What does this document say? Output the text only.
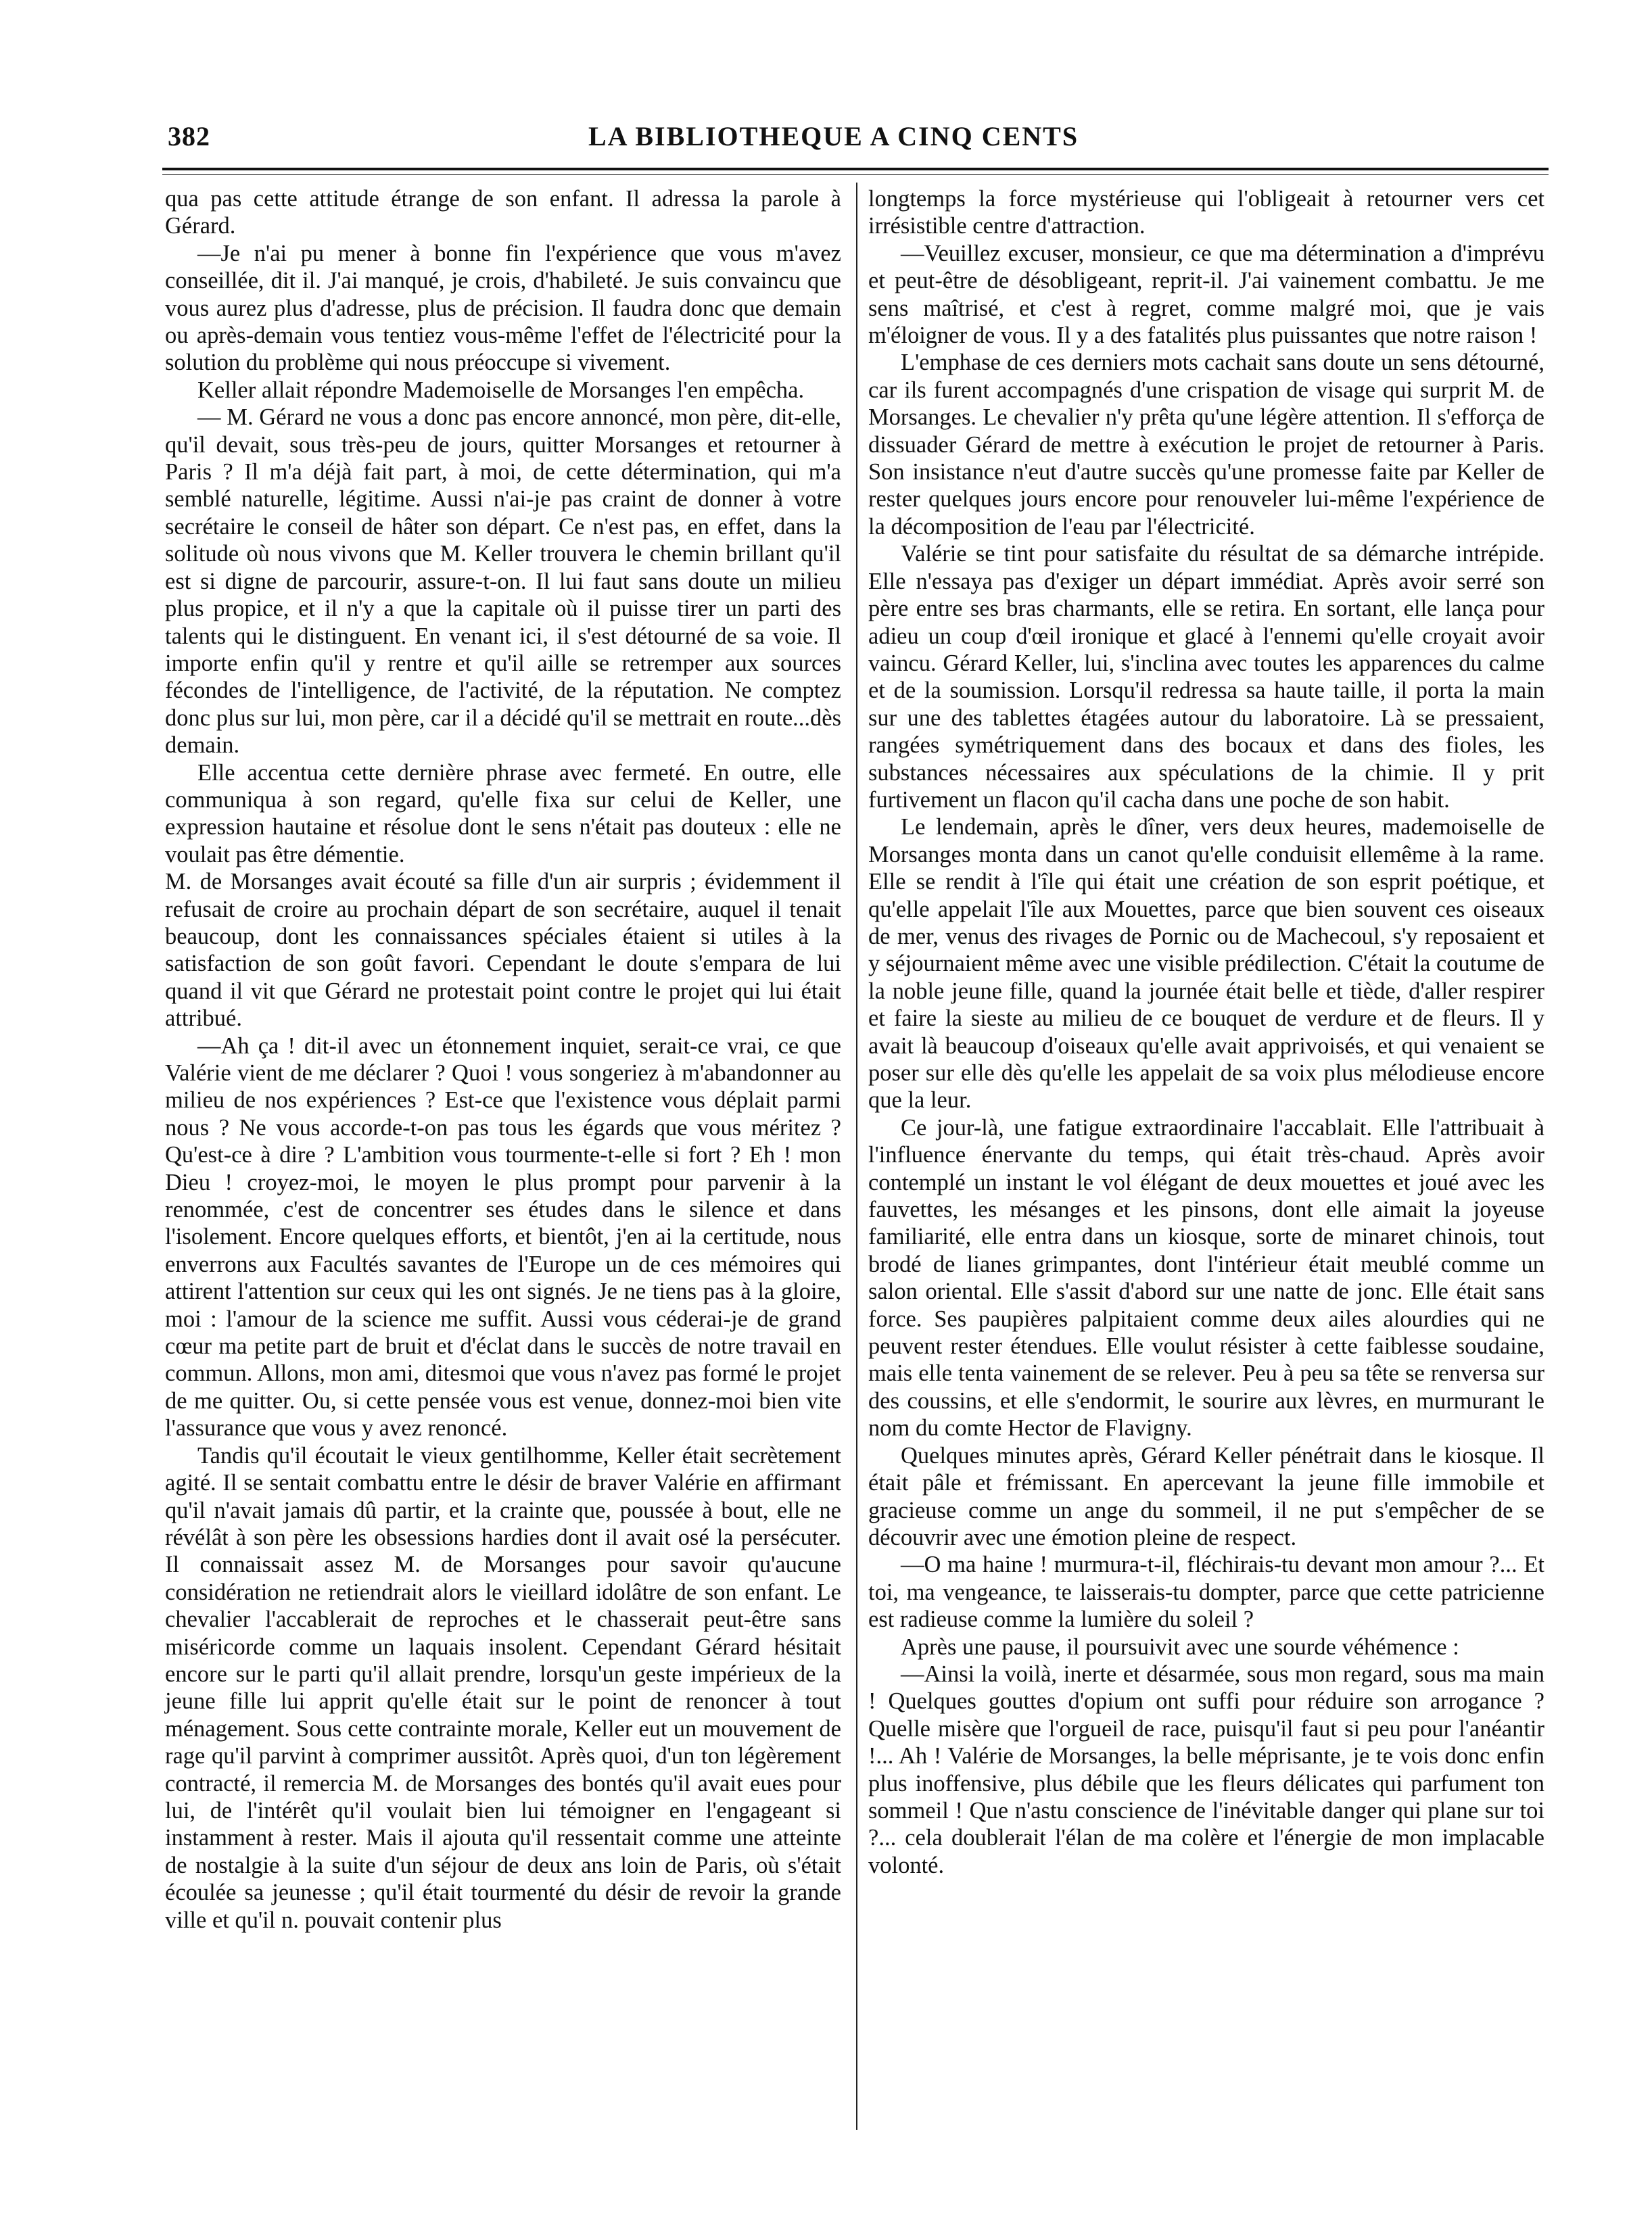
382	LA BIBLIOTHEQUE A CINQ CENTS

qua pas cette attitude étrange de son enfant. Il adressa la parole à Gérard.

—Je n'ai pu mener à bonne fin l'expérience que vous m'avez conseillée, dit il. J'ai manqué, je crois, d'habileté. Je suis convaincu que vous aurez plus d'adresse, plus de précision. Il faudra donc que demain ou après-demain vous tentiez vous-même l'effet de l'électricité pour la solution du problème qui nous préoccupe si vivement.

Keller allait répondre Mademoiselle de Morsanges l'en empêcha.

— M. Gérard ne vous a donc pas encore annoncé, mon père, dit-elle, qu'il devait, sous très-peu de jours, quitter Morsanges et retourner à Paris ? Il m'a déjà fait part, à moi, de cette détermination, qui m'a semblé naturelle, légitime. Aussi n'ai-je pas craint de donner à votre secrétaire le conseil de hâter son départ. Ce n'est pas, en effet, dans la solitude où nous vivons que M. Keller trouvera le chemin brillant qu'il est si digne de parcourir, assure-t-on. Il lui faut sans doute un milieu plus propice, et il n'y a que la capitale où il puisse tirer un parti des talents qui le distinguent. En venant ici, il s'est détourné de sa voie. Il importe enfin qu'il y rentre et qu'il aille se retremper aux sources fécondes de l'intelligence, de l'activité, de la réputation. Ne comptez donc plus sur lui, mon père, car il a décidé qu'il se mettrait en route...dès demain.

Elle accentua cette dernière phrase avec fermeté. En outre, elle communiqua à son regard, qu'elle fixa sur celui de Keller, une expression hautaine et résolue dont le sens n'était pas douteux : elle ne voulait pas être démentie.

M. de Morsanges avait écouté sa fille d'un air surpris ; évidemment il refusait de croire au prochain départ de son secrétaire, auquel il tenait beaucoup, dont les connaissances spéciales étaient si utiles à la satisfaction de son goût favori. Cependant le doute s'empara de lui quand il vit que Gérard ne protestait point contre le projet qui lui était attribué.

—Ah ça ! dit-il avec un étonnement inquiet, serait-ce vrai, ce que Valérie vient de me déclarer ? Quoi ! vous songeriez à m'abandonner au milieu de nos expériences ? Est-ce que l'existence vous déplait parmi nous ? Ne vous accorde-t-on pas tous les égards que vous méritez ? Qu'est-ce à dire ? L'ambition vous tourmente-t-elle si fort ? Eh ! mon Dieu ! croyez-moi, le moyen le plus prompt pour parvenir à la renommée, c'est de concentrer ses études dans le silence et dans l'isolement. Encore quelques efforts, et bientôt, j'en ai la certitude, nous enverrons aux Facultés savantes de l'Europe un de ces mémoires qui attirent l'attention sur ceux qui les ont signés. Je ne tiens pas à la gloire, moi : l'amour de la science me suffit. Aussi vous céderai-je de grand cœur ma petite part de bruit et d'éclat dans le succès de notre travail en commun. Allons, mon ami, ditesmoi que vous n'avez pas formé le projet de me quitter. Ou, si cette pensée vous est venue, donnez-moi bien vite l'assurance que vous y avez renoncé.

Tandis qu'il écoutait le vieux gentilhomme, Keller était secrètement agité. Il se sentait combattu entre le désir de braver Valérie en affirmant qu'il n'avait jamais dû partir, et la crainte que, poussée à bout, elle ne révélât à son père les obsessions hardies dont il avait osé la persécuter. Il connaissait assez M. de Morsanges pour savoir qu'aucune considération ne retiendrait alors le vieillard idolâtre de son enfant. Le chevalier l'accablerait de reproches et le chasserait peut-être sans miséricorde comme un laquais insolent. Cependant Gérard hésitait encore sur le parti qu'il allait prendre, lorsqu'un geste impérieux de la jeune fille lui apprit qu'elle était sur le point de renoncer à tout ménagement. Sous cette contrainte morale, Keller eut un mouvement de rage qu'il parvint à comprimer aussitôt. Après quoi, d'un ton légèrement contracté, il remercia M. de Morsanges des bontés qu'il avait eues pour lui, de l'intérêt qu'il voulait bien lui témoigner en l'engageant si instamment à rester. Mais il ajouta qu'il ressentait comme une atteinte de nostalgie à la suite d'un séjour de deux ans loin de Paris, où s'était écoulée sa jeunesse ; qu'il était tourmenté du désir de revoir la grande ville et qu'il n. pouvait contenir plus

longtemps la force mystérieuse qui l'obligeait à retourner vers cet irrésistible centre d'attraction.

—Veuillez excuser, monsieur, ce que ma détermination a d'imprévu et peut-être de désobligeant, reprit-il. J'ai vainement combattu. Je me sens maîtrisé, et c'est à regret, comme malgré moi, que je vais m'éloigner de vous. Il y a des fatalités plus puissantes que notre raison !

L'emphase de ces derniers mots cachait sans doute un sens détourné, car ils furent accompagnés d'une crispation de visage qui surprit M. de Morsanges. Le chevalier n'y prêta qu'une légère attention. Il s'efforça de dissuader Gérard de mettre à exécution le projet de retourner à Paris. Son insistance n'eut d'autre succès qu'une promesse faite par Keller de rester quelques jours encore pour renouveler lui-même l'expérience de la décomposition de l'eau par l'électricité.

Valérie se tint pour satisfaite du résultat de sa démarche intrépide. Elle n'essaya pas d'exiger un départ immédiat. Après avoir serré son père entre ses bras charmants, elle se retira. En sortant, elle lança pour adieu un coup d'œil ironique et glacé à l'ennemi qu'elle croyait avoir vaincu. Gérard Keller, lui, s'inclina avec toutes les apparences du calme et de la soumission. Lorsqu'il redressa sa haute taille, il porta la main sur une des tablettes étagées autour du laboratoire. Là se pressaient, rangées symétriquement dans des bocaux et dans des fioles, les substances nécessaires aux spéculations de la chimie. Il y prit furtivement un flacon qu'il cacha dans une poche de son habit.

Le lendemain, après le dîner, vers deux heures, mademoiselle de Morsanges monta dans un canot qu'elle conduisit ellemême à la rame. Elle se rendit à l'île qui était une création de son esprit poétique, et qu'elle appelait l'île aux Mouettes, parce que bien souvent ces oiseaux de mer, venus des rivages de Pornic ou de Machecoul, s'y reposaient et y séjournaient même avec une visible prédilection. C'était la coutume de la noble jeune fille, quand la journée était belle et tiède, d'aller respirer et faire la sieste au milieu de ce bouquet de verdure et de fleurs. Il y avait là beaucoup d'oiseaux qu'elle avait apprivoisés, et qui venaient se poser sur elle dès qu'elle les appelait de sa voix plus mélodieuse encore que la leur.

Ce jour-là, une fatigue extraordinaire l'accablait. Elle l'attribuait à l'influence énervante du temps, qui était très-chaud. Après avoir contemplé un instant le vol élégant de deux mouettes et joué avec les fauvettes, les mésanges et les pinsons, dont elle aimait la joyeuse familiarité, elle entra dans un kiosque, sorte de minaret chinois, tout brodé de lianes grimpantes, dont l'intérieur était meublé comme un salon oriental. Elle s'assit d'abord sur une natte de jonc. Elle était sans force. Ses paupières palpitaient comme deux ailes alourdies qui ne peuvent rester étendues. Elle voulut résister à cette faiblesse soudaine, mais elle tenta vainement de se relever. Peu à peu sa tête se renversa sur des coussins, et elle s'endormit, le sourire aux lèvres, en murmurant le nom du comte Hector de Flavigny.

Quelques minutes après, Gérard Keller pénétrait dans le kiosque. Il était pâle et frémissant. En apercevant la jeune fille immobile et gracieuse comme un ange du sommeil, il ne put s'empêcher de se découvrir avec une émotion pleine de respect.

—O ma haine ! murmura-t-il, fléchirais-tu devant mon amour ?... Et toi, ma vengeance, te laisserais-tu dompter, parce que cette patricienne est radieuse comme la lumière du soleil ?

Après une pause, il poursuivit avec une sourde véhémence :

—Ainsi la voilà, inerte et désarmée, sous mon regard, sous ma main ! Quelques gouttes d'opium ont suffi pour réduire son arrogance ? Quelle misère que l'orgueil de race, puisqu'il faut si peu pour l'anéantir !... Ah ! Valérie de Morsanges, la belle méprisante, je te vois donc enfin plus inoffensive, plus débile que les fleurs délicates qui parfument ton sommeil ! Que n'astu conscience de l'inévitable danger qui plane sur toi ?... cela doublerait l'élan de ma colère et l'énergie de mon implacable volonté.
